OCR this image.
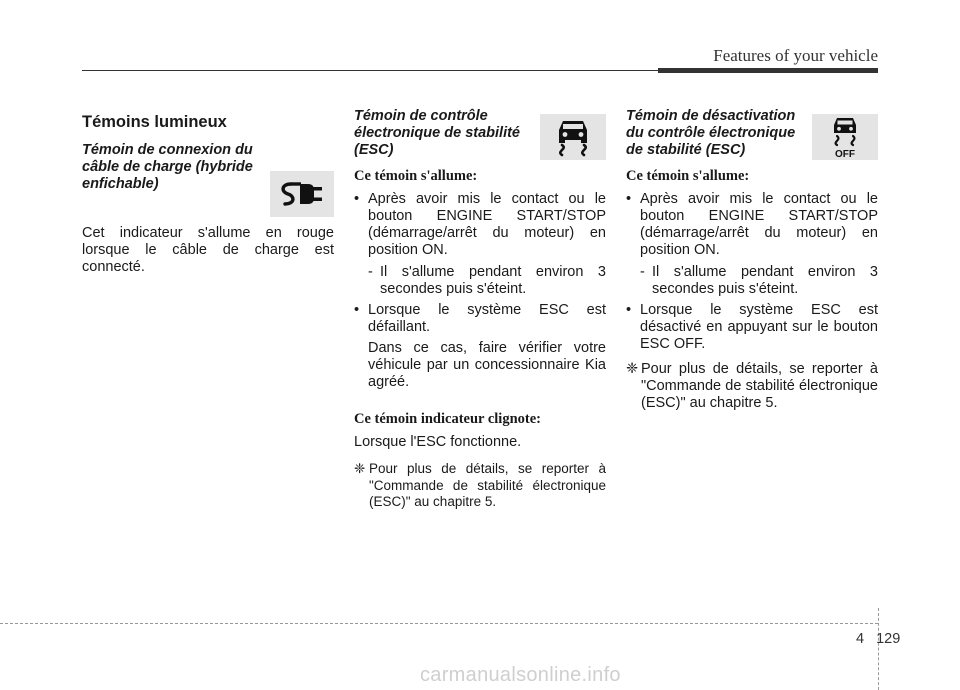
Features of your vehicle
Témoins lumineux
Témoin de connexion du câble de charge (hybride enfichable)
Cet indicateur s'allume en rouge lorsque le câble de charge est connecté.
Témoin de contrôle électronique de stabilité (ESC)
Ce témoin s'allume:
• Après avoir mis le contact ou le bouton ENGINE START/STOP (démarrage/arrêt du moteur) en position ON.
- Il s'allume pendant environ 3 secondes puis s'éteint.
• Lorsque le système ESC est défaillant.
Dans ce cas, faire vérifier votre véhicule par un concessionnaire Kia agréé.
Ce témoin indicateur clignote:
Lorsque l'ESC fonctionne.
❈ Pour plus de détails, se reporter à "Commande de stabilité électronique (ESC)" au chapitre 5.
Témoin de désactivation du contrôle électronique de stabilité (ESC)	OFF
Ce témoin s'allume:
• Après avoir mis le contact ou le bouton ENGINE START/STOP (démarrage/arrêt du moteur) en position ON.
- Il s'allume pendant environ 3 secondes puis s'éteint.
• Lorsque le système ESC est désactivé en appuyant sur le bouton ESC OFF.
❈ Pour plus de détails, se reporter à "Commande de stabilité électronique (ESC)" au chapitre 5.
4 129
carmanualsonline.info
